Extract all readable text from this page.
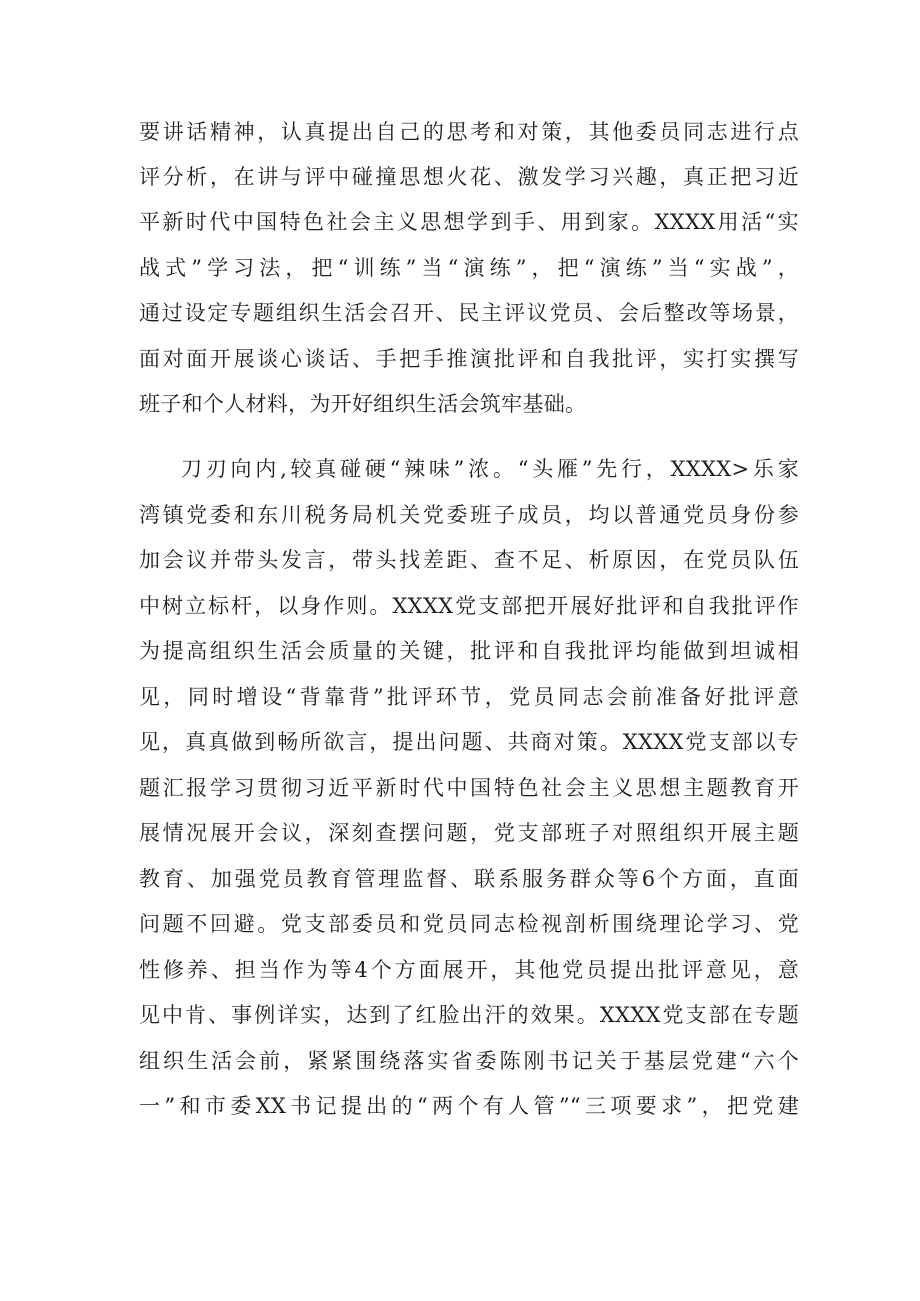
要讲话精神，认真提出自己的思考和对策，其他委员同志进行点
评分析，在讲与评中碰撞思想火花、激发学习兴趣，真正把习近
平新时代中国特色社会主义思想学到手、用到家。XXXX用活“实
战式”学习法，把“训练”当“演练”，把“演练”当“实战”，
通过设定专题组织生活会召开、民主评议党员、会后整改等场景，
面对面开展谈心谈话、手把手推演批评和自我批评，实打实撰写
班子和个人材料，为开好组织生活会筑牢基础。
刀刃向内,较真碰硬“辣味”浓。“头雁”先行，XXXX>乐家
湾镇党委和东川税务局机关党委班子成员，均以普通党员身份参
加会议并带头发言，带头找差距、查不足、析原因，在党员队伍
中树立标杆，以身作则。XXXX党支部把开展好批评和自我批评作
为提高组织生活会质量的关键，批评和自我批评均能做到坦诚相
见，同时增设“背靠背”批评环节，党员同志会前准备好批评意
见，真真做到畅所欲言，提出问题、共商对策。XXXX党支部以专
题汇报学习贯彻习近平新时代中国特色社会主义思想主题教育开
展情况展开会议，深刻查摆问题，党支部班子对照组织开展主题
教育、加强党员教育管理监督、联系服务群众等6个方面，直面
问题不回避。党支部委员和党员同志检视剖析围绕理论学习、党
性修养、担当作为等4个方面展开，其他党员提出批评意见，意
见中肯、事例详实，达到了红脸出汗的效果。XXXX党支部在专题
组织生活会前，紧紧围绕落实省委陈刚书记关于基层党建“六个
一”和市委XX书记提出的“两个有人管”“三项要求”，把党建
